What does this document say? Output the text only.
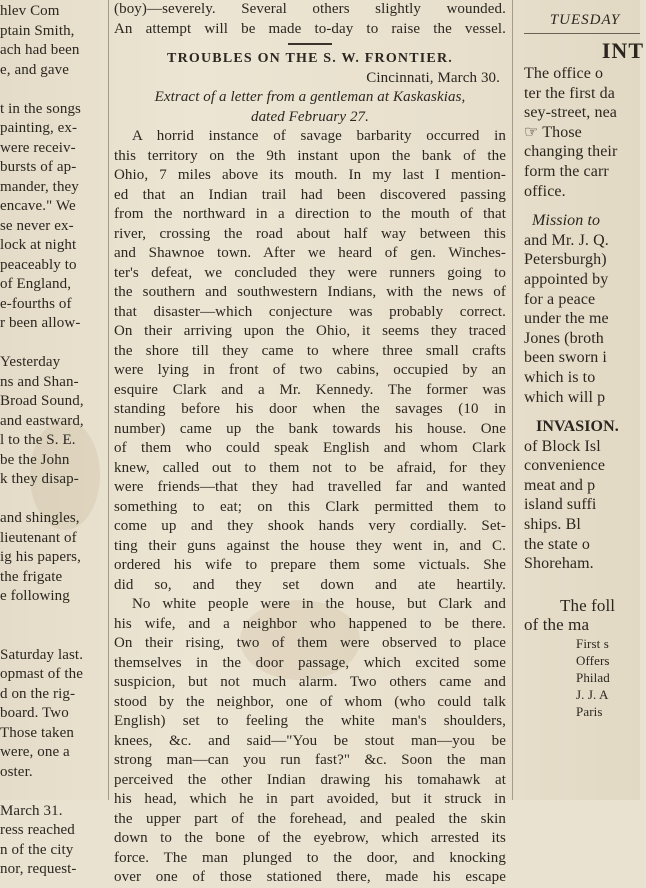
hlev Com
ptain Smith,
ach had been
e, and gave
t in the songs
painting, ex-
were receiv-
bursts of ap-
mander, they
encave." We
se never ex-
lock at night
peaceably to
of England,
e-fourths of
r been allow-
Yesterday
ns and Shan-
Broad Sound,
and eastward,
l to the S. E.
be the John
k they disap-
and shingles,
lieutenant of
ig his papers,
the frigate
e following
Saturday last.
opmast of the
d on the rig-
board. Two
Those taken
were, one a
oster.
March 31.
ress reached
n of the city
nor, request-
(boy)—severely. Several others slightly wounded.
An attempt will be made to-day to raise the vessel.
TROUBLES ON THE S. W. FRONTIER.
Cincinnati, March 30.
Extract of a letter from a gentleman at Kaskaskias,
dated February 27.
A horrid instance of savage barbarity occurred in
this territory on the 9th instant upon the bank of the
Ohio, 7 miles above its mouth. In my last I mention-
ed that an Indian trail had been discovered passing
from the northward in a direction to the mouth of that
river, crossing the road about half way between this
and Shawnoe town. After we heard of gen. Winches-
ter's defeat, we concluded they were runners going to
the southern and southwestern Indians, with the news of
that disaster—which conjecture was probably correct.
On their arriving upon the Ohio, it seems they traced
the shore till they came to where three small crafts
were lying in front of two cabins, occupied by an
esquire Clark and a Mr. Kennedy. The former was
standing before his door when the savages (10 in
number) came up the bank towards his house. One
of them who could speak English and whom Clark
knew, called out to them not to be afraid, for they
were friends—that they had travelled far and wanted
something to eat; on this Clark permitted them to
come up and they shook hands very cordially. Set-
ting their guns against the house they went in, and C.
ordered his wife to prepare them some victuals. She
did so, and they set down and ate heartily.
No white people were in the house, but Clark and
his wife, and a neighbor who happened to be there.
On their rising, two of them were observed to place
themselves in the door passage, which excited some
suspicion, but not much alarm. Two others came and
stood by the neighbor, one of whom (who could talk
English) set to feeling the white man's shoulders,
knees, &c. and said—"You be stout man—you be
strong man—can you run fast?" &c. Soon the man
perceived the other Indian drawing his tomahawk at
his head, which he in part avoided, but it struck in
the upper part of the forehead, and pealed the skin
down to the bone of the eyebrow, which arrested its
force. The man plunged to the door, and knocking
over one of those stationed there, made his escape
TUESDAY
INT
The office o
ter the first da
sey-street, nea
☞ Those
changing their
form the carr
office.
Mission to
and Mr. J. Q.
Petersburgh)
appointed by
for a peace
under the me
Jones (broth
been sworn i
which is to
which will p
INVASION.
of Block Isl
convenience
meat and p
island suffi
ships. Bl
the state o
Shoreham.
The foll
of the ma
First s
Offers
Philad
J. J. A
Paris
